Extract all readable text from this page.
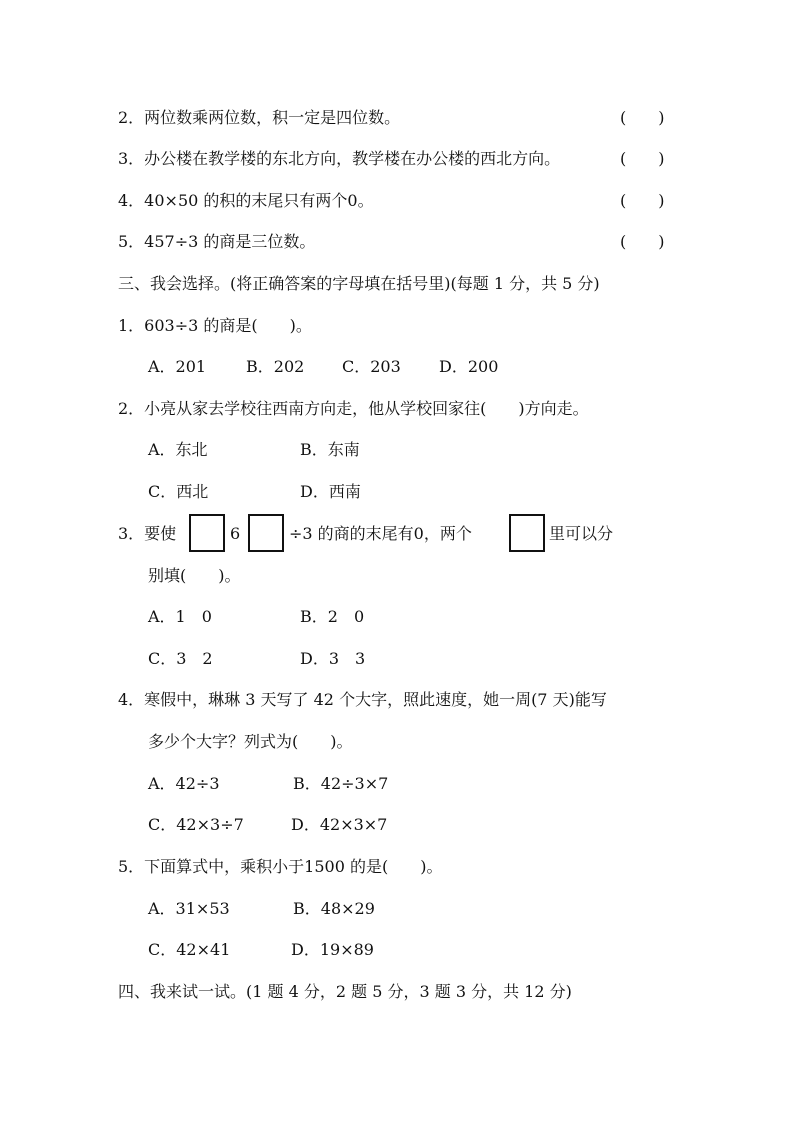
2．两位数乘两位数，积一定是四位数。	(　　)
3．办公楼在教学楼的东北方向，教学楼在办公楼的西北方向。	(　　)
4．40×50 的积的末尾只有两个0。	(　　)
5．457÷3 的商是三位数。	(　　)
三、我会选择。(将正确答案的字母填在括号里)(每题 1 分，共 5 分)
1．603÷3 的商是(　　)。
A．201 B．202 C．203 D．200
2．小亮从家去学校往西南方向走，他从学校回家往(　　)方向走。
A．东北	B．东南
C．西北	D．西南
3．要使	6	÷3 的商的末尾有0，两个	里可以分
别填(　　)。
A．1　0	B．2　0
C．3　2	D．3　3
4．寒假中，琳琳 3 天写了 42 个大字，照此速度，她一周(7 天)能写
多少个大字？列式为(　　)。
A．42÷3	B．42÷3×7
C．42×3÷7	D．42×3×7
5．下面算式中，乘积小于1500 的是(　　)。
A．31×53	B．48×29
C．42×41	D．19×89
四、我来试一试。(1 题 4 分，2 题 5 分，3 题 3 分，共 12 分)
